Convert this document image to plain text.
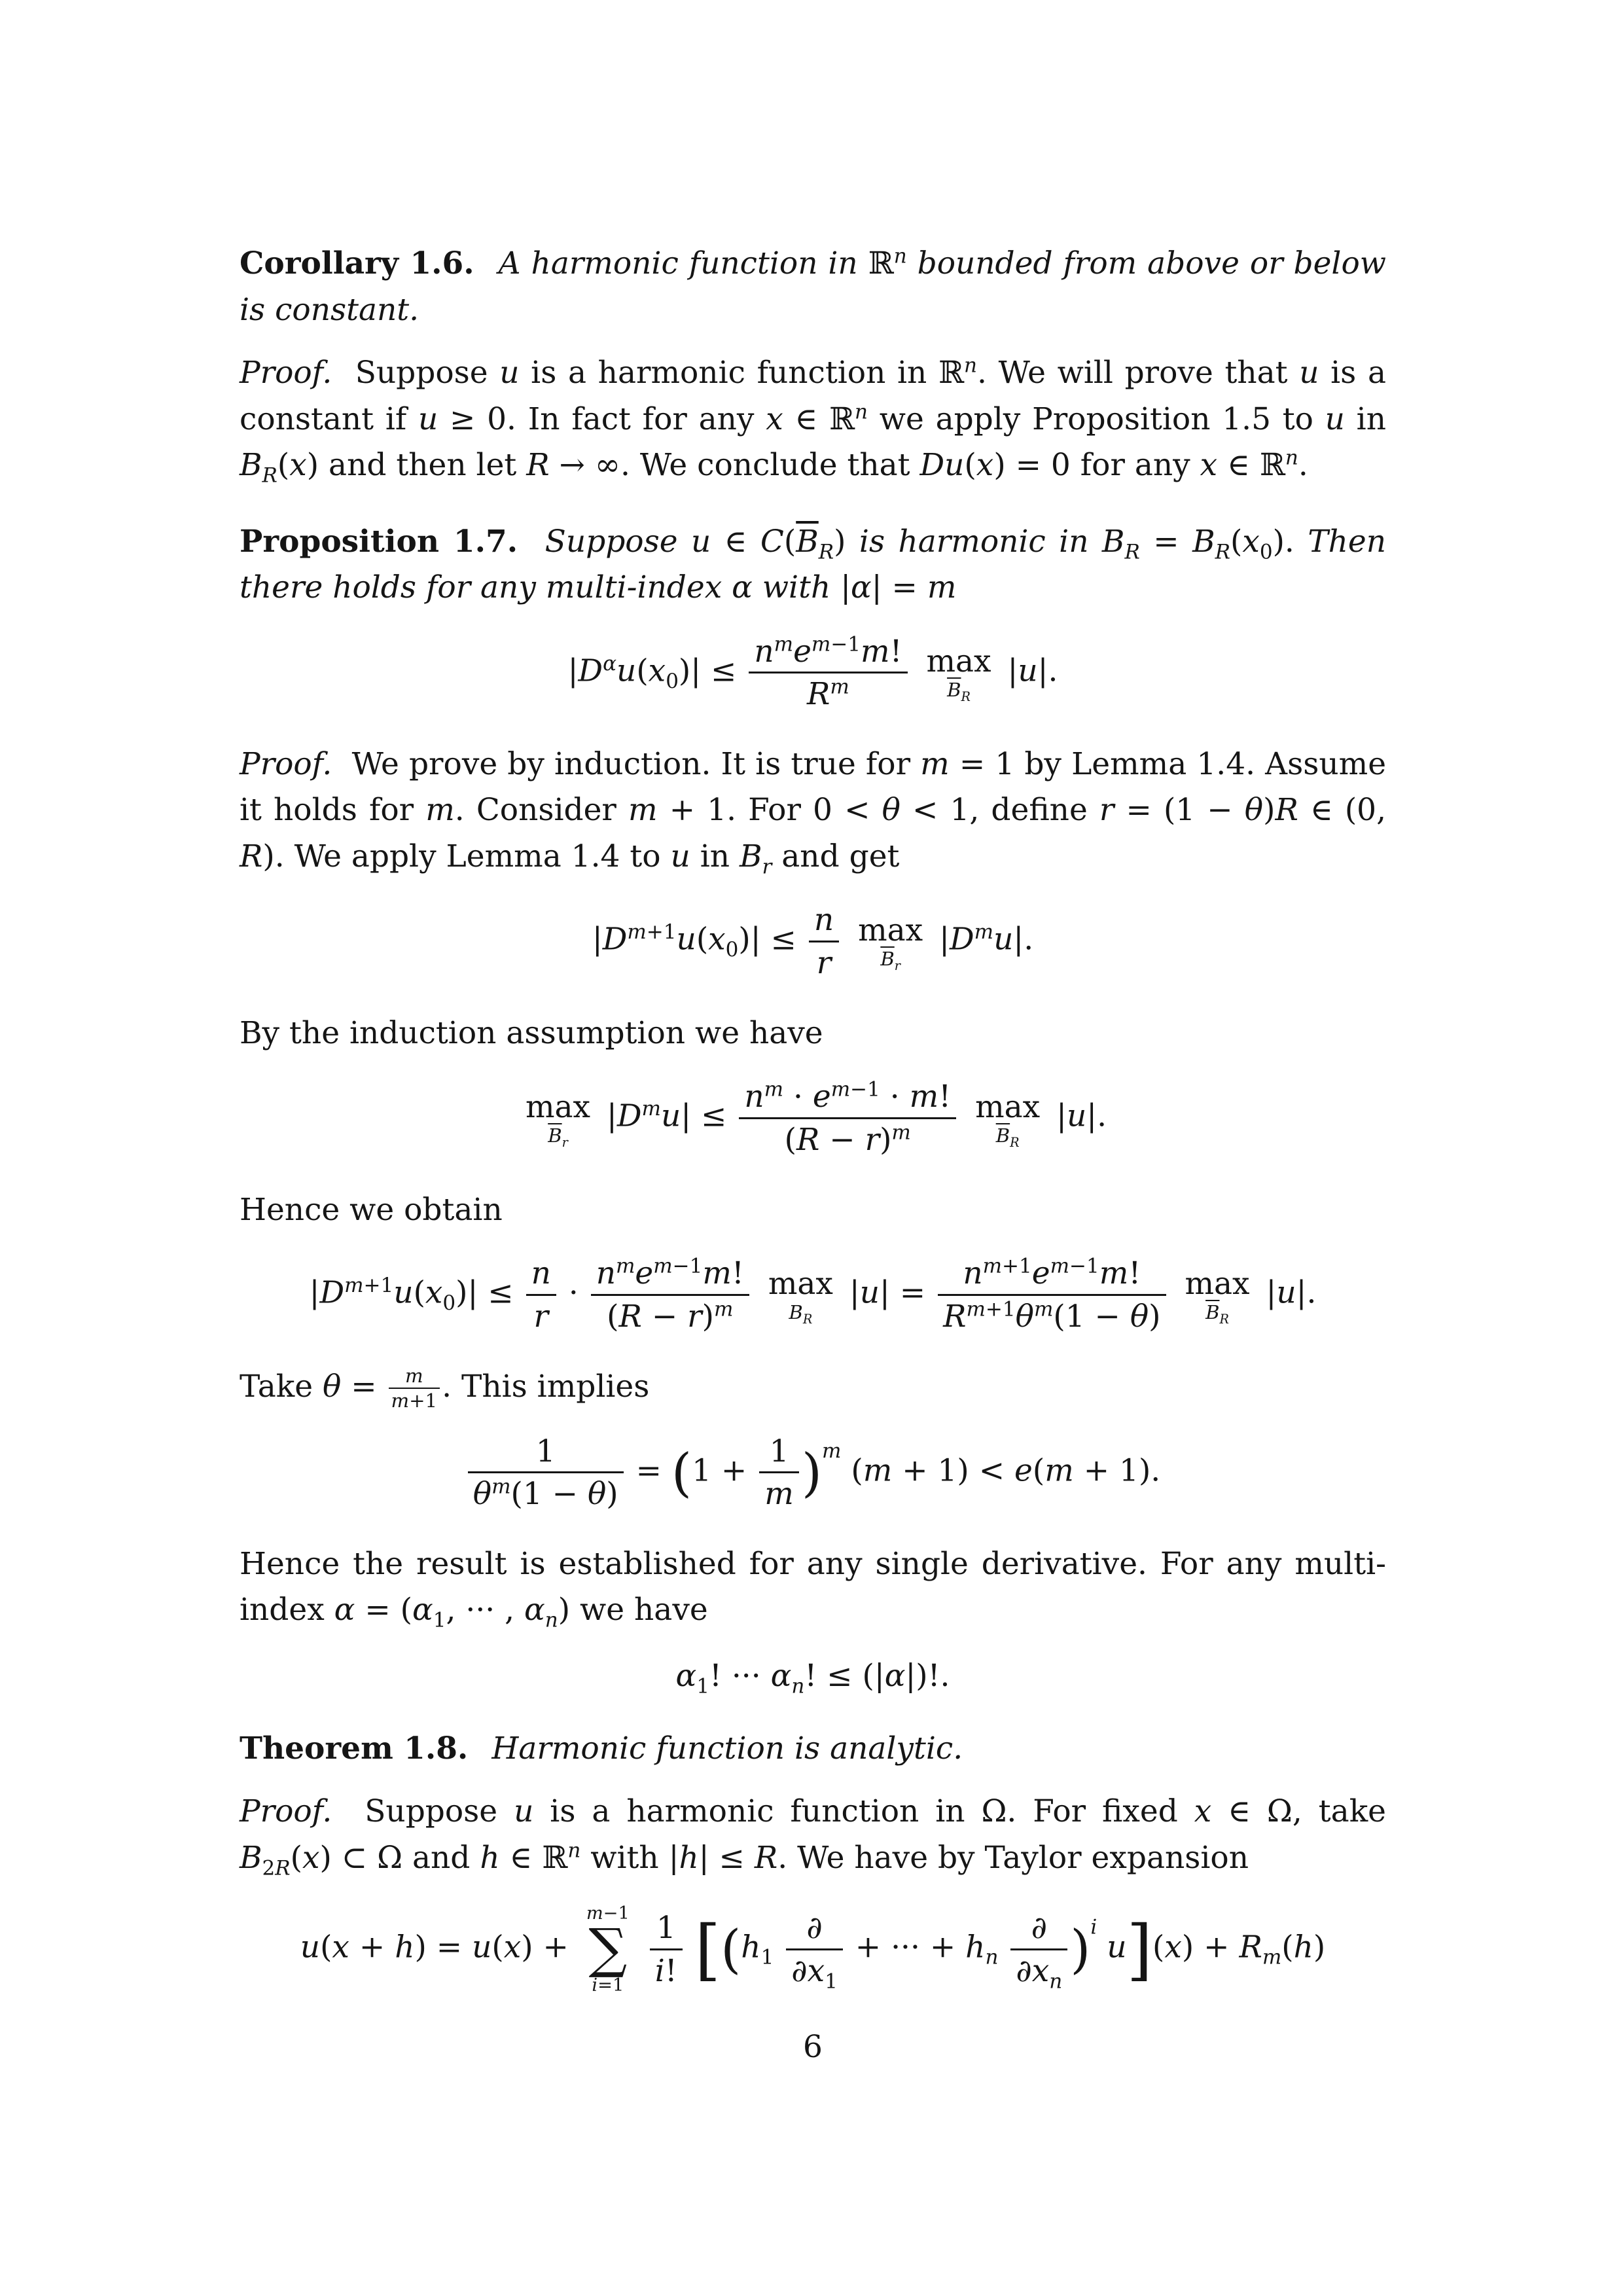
Corollary 1.6. A harmonic function in ℝ$^n$ bounded from above or below is constant.

Proof.  Suppose u is a harmonic function in ℝ$^n$. We will prove that u is a constant if u ≥ 0. In fact for any x ∈ ℝ$^n$ we apply Proposition 1.5 to u in $B_R(x)$ and then let R → ∞. We conclude that Du(x) = 0 for any x ∈ ℝ$^n$.

Proposition 1.7. Suppose u ∈ $C(\overline{B}_R)$ is harmonic in $B_R = B_R(x_0)$. Then there holds for any multi-index α with |α| = m

$|D^\alpha u(x_0)| \le \frac{n^me^{m-1}m!}{R^m}$
max
$\overline{B}_R$
|u|.

Proof.  We prove by induction. It is true for m = 1 by Lemma 1.4. Assume it holds for m. Consider m + 1. For 0 < θ < 1, define r = (1 − θ)R ∈ (0, R). We apply Lemma 1.4 to u in $B_r$ and get

$|D^{m+1}u(x_0)| \le \frac{n}{r}$
max
$\overline{B}_r$
$|D^mu|$.

By the induction assumption we have

max
$\overline{B}_r$
$|D^mu| \le \frac{n^m \cdot e^{m-1} \cdot m!}{(R - r)^m}$
max
$\overline{B}_R$
|u|.

Hence we obtain

$|D^{m+1}u(x_0)| \le \frac{n}{r} \cdot \frac{n^me^{m-1}m!}{(R - r)^m}$
max
$B_R$
$|u| = \frac{n^{m+1}e^{m-1}m!}{R^{m+1}\theta^m(1 - \theta)}$
max
$\overline{B}_R$
|u|.

Take $\theta = \frac{m}{m+1}$ . This implies

$\frac{1}{\theta^m(1 - \theta)} = (1 + \frac{1}{m} )^m$ (m + 1) < e(m + 1).

Hence the result is established for any single derivative. For any multi-index $\alpha = (\alpha_1$, ··· , $\alpha_n$) we have

$\alpha_1$! ··· $\alpha_n$! ≤ (|α|)!.

Theorem 1.8. Harmonic function is analytic.

Proof.  Suppose u is a harmonic function in Ω. For fixed x ∈ Ω, take $B_{2R}(x)$ ⊂ Ω and h ∈ ℝ$^n$ with |h| ≤ R. We have by Taylor expansion

u(x + h) = u(x) +
m−1
∑
i=1
$\frac{1}{i!} [(h_1 \frac{\partial}{\partial x_1}$ + ··· + $h_n \frac{\partial}{\partial x_n} )^i$ $u](x) + R_m(h)$
6
